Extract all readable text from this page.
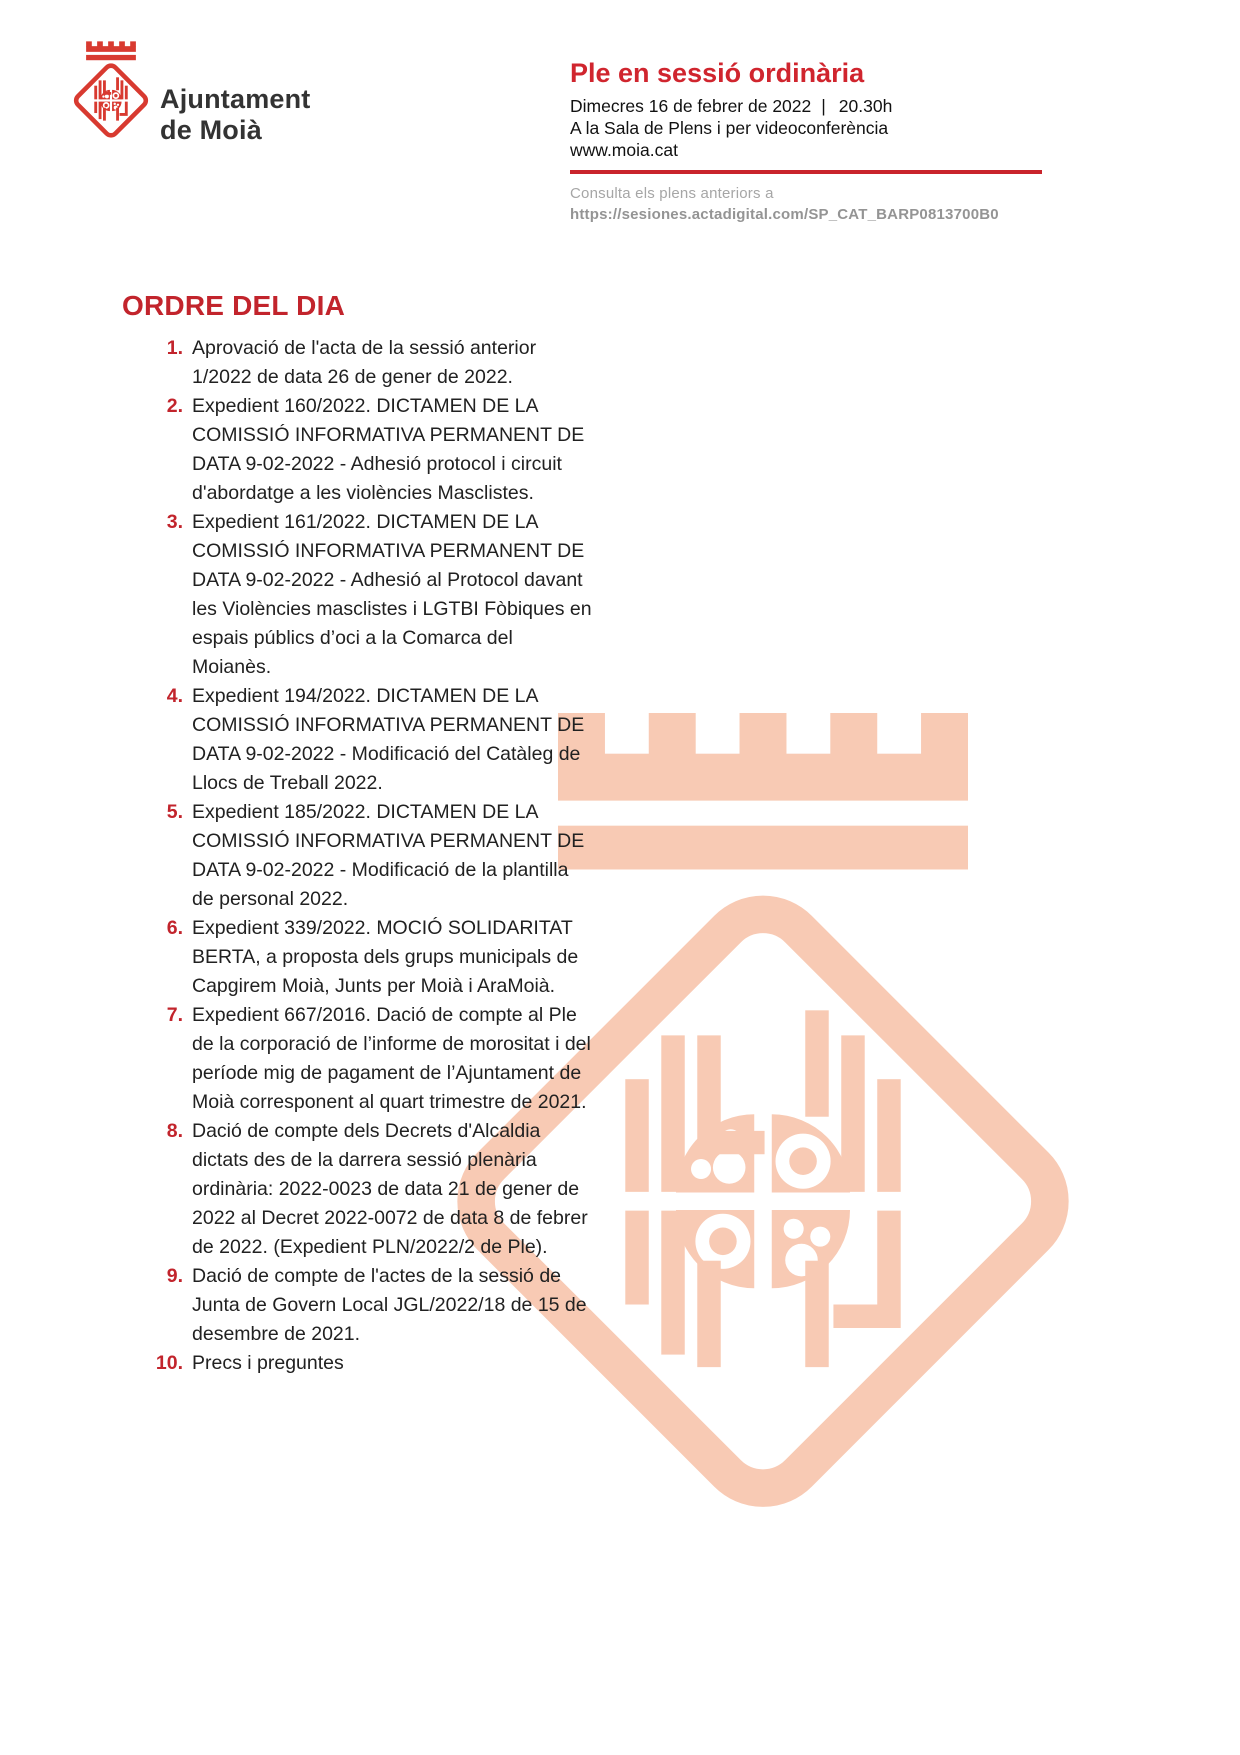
Ajuntament
de Moià
Ple en sessió ordinària

Dimecres 16 de febrer de 2022 | 20.30h

A la Sala de Plens i per videoconferència

www.moia.cat

Consulta els plens anteriors a

https://sesiones.actadigital.com/SP_CAT_BARP0813700B0

ORDRE DEL DIA
1. Aprovació de l'acta de la sessió anterior 1/2022 de data 26 de gener de 2022.
2. Expedient 160/2022. DICTAMEN DE LA COMISSIÓ INFORMATIVA PERMANENT DE DATA 9-02-2022 - Adhesió protocol i circuit d'abordatge a les violències Masclistes.
3. Expedient 161/2022. DICTAMEN DE LA COMISSIÓ INFORMATIVA PERMANENT DE DATA 9-02-2022 - Adhesió al Protocol davant les Violències masclistes i LGTBI Fòbiques en espais públics d’oci a la Comarca del Moianès.
4. Expedient 194/2022. DICTAMEN DE LA COMISSIÓ INFORMATIVA PERMANENT DE DATA 9-02-2022 - Modificació del Catàleg de Llocs de Treball 2022.
5. Expedient 185/2022. DICTAMEN DE LA COMISSIÓ INFORMATIVA PERMANENT DE DATA 9-02-2022 - Modificació de la plantilla de personal 2022.
6. Expedient 339/2022. MOCIÓ SOLIDARITAT BERTA, a proposta dels grups municipals de Capgirem Moià, Junts per Moià i AraMoià.
7. Expedient 667/2016. Dació de compte al Ple de la corporació de l’informe de morositat i del període mig de pagament de l’Ajuntament de Moià corresponent al quart trimestre de 2021.
8. Dació de compte dels Decrets d'Alcaldia dictats des de la darrera sessió plenària ordinària: 2022-0023 de data 21 de gener de 2022 al Decret 2022-0072 de data 8 de febrer de 2022. (Expedient PLN/2022/2 de Ple).
9. Dació de compte de l'actes de la sessió de Junta de Govern Local JGL/2022/18 de 15 de desembre de 2021.
10. Precs i preguntes
